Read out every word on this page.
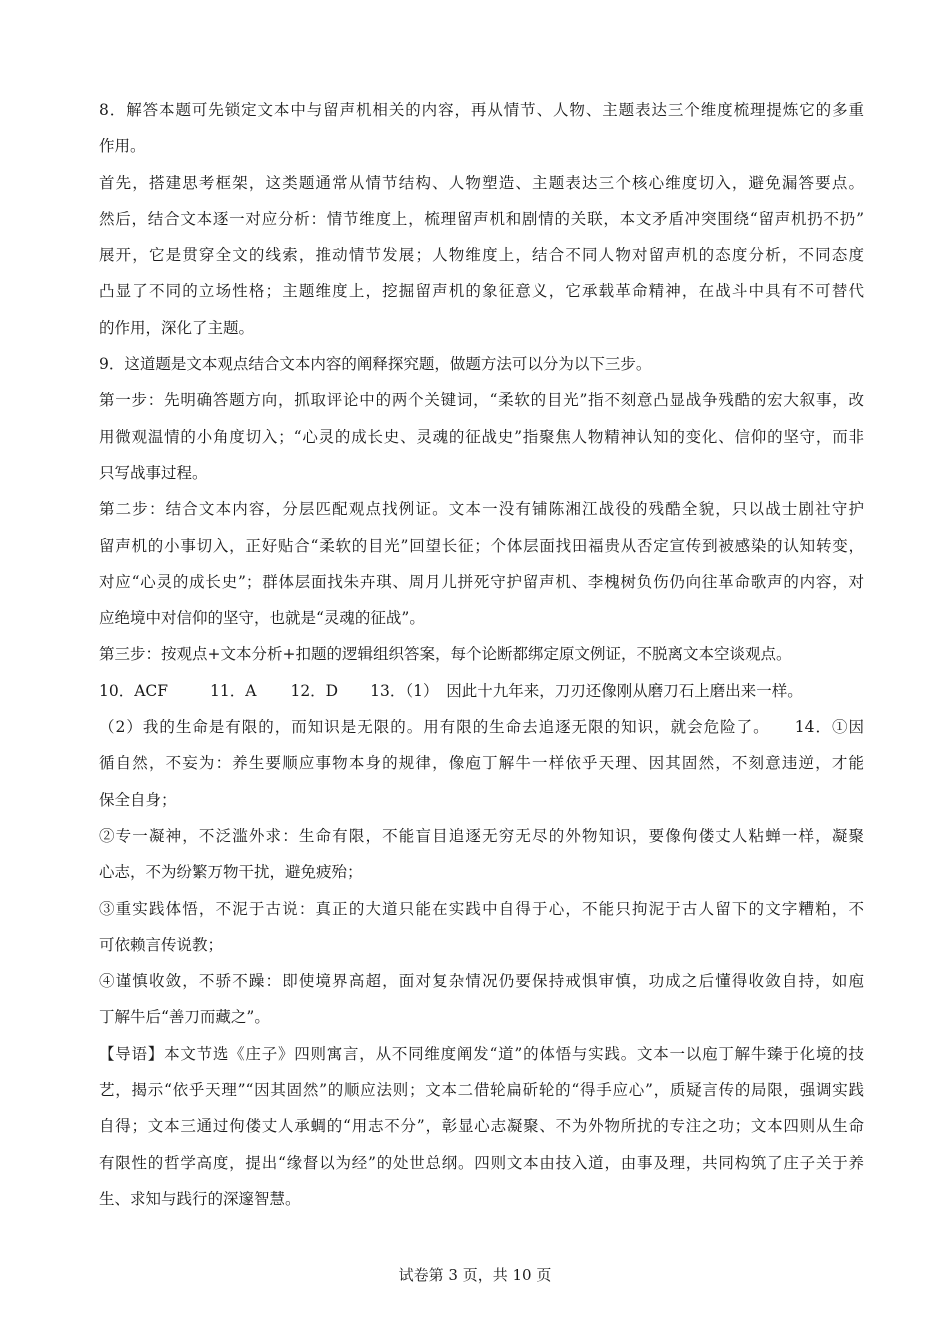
8．解答本题可先锁定文本中与留声机相关的内容，再从情节、人物、主题表达三个维度梳理提炼它的多重
作用。
首先，搭建思考框架，这类题通常从情节结构、人物塑造、主题表达三个核心维度切入，避免漏答要点。
然后，结合文本逐一对应分析：情节维度上，梳理留声机和剧情的关联，本文矛盾冲突围绕“留声机扔不扔”
展开，它是贯穿全文的线索，推动情节发展；人物维度上，结合不同人物对留声机的态度分析，不同态度
凸显了不同的立场性格；主题维度上，挖掘留声机的象征意义，它承载革命精神，在战斗中具有不可替代
的作用，深化了主题。
9．这道题是文本观点结合文本内容的阐释探究题，做题方法可以分为以下三步。
第一步：先明确答题方向，抓取评论中的两个关键词，“柔软的目光”指不刻意凸显战争残酷的宏大叙事，改
用微观温情的小角度切入；“心灵的成长史、灵魂的征战史”指聚焦人物精神认知的变化、信仰的坚守，而非
只写战事过程。
第二步：结合文本内容，分层匹配观点找例证。文本一没有铺陈湘江战役的残酷全貌，只以战士剧社守护
留声机的小事切入，正好贴合“柔软的目光”回望长征；个体层面找田福贵从否定宣传到被感染的认知转变，
对应“心灵的成长史”；群体层面找朱卉琪、周月儿拼死守护留声机、李槐树负伤仍向往革命歌声的内容，对
应绝境中对信仰的坚守，也就是“灵魂的征战”。
第三步：按观点+文本分析+扣题的逻辑组织答案，每个论断都绑定原文例证，不脱离文本空谈观点。
10．ACF	11．A 12．D 13．（1）　因此十九年来，刀刃还像刚从磨刀石上磨出来一样。
（2）我的生命是有限的，而知识是无限的。用有限的生命去追逐无限的知识，就会危险了。　　14．①因
循自然，不妄为：养生要顺应事物本身的规律，像庖丁解牛一样依乎天理、因其固然，不刻意违逆，才能
保全自身；
②专一凝神，不泛滥外求：生命有限，不能盲目追逐无穷无尽的外物知识，要像佝偻丈人粘蝉一样，凝聚
心志，不为纷繁万物干扰，避免疲殆；
③重实践体悟，不泥于古说：真正的大道只能在实践中自得于心，不能只拘泥于古人留下的文字糟粕，不
可依赖言传说教；
④谨慎收敛，不骄不躁：即使境界高超，面对复杂情况仍要保持戒惧审慎，功成之后懂得收敛自持，如庖
丁解牛后“善刀而藏之”。
【导语】本文节选《庄子》四则寓言，从不同维度阐发“道”的体悟与实践。文本一以庖丁解牛臻于化境的技
艺，揭示“依乎天理”“因其固然”的顺应法则；文本二借轮扁斫轮的“得手应心”，质疑言传的局限，强调实践
自得；文本三通过佝偻丈人承蜩的“用志不分”，彰显心志凝聚、不为外物所扰的专注之功；文本四则从生命
有限性的哲学高度，提出“缘督以为经”的处世总纲。四则文本由技入道，由事及理，共同构筑了庄子关于养
生、求知与践行的深邃智慧。
试卷第 3 页，共 10 页
